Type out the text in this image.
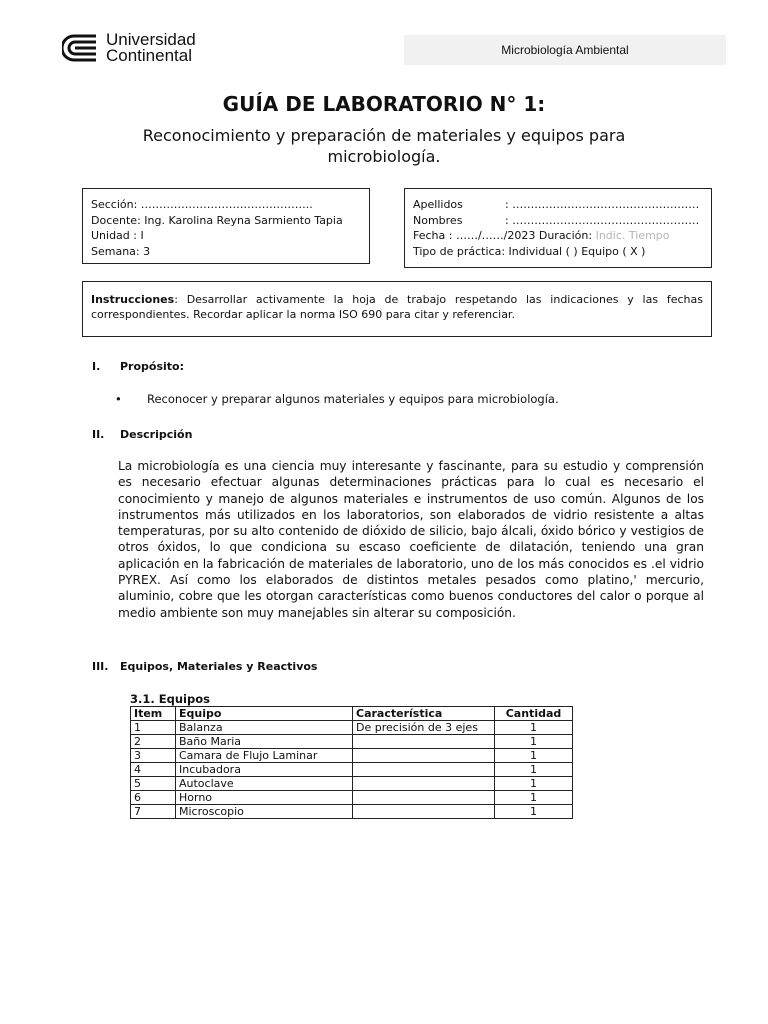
Universidad
Continental	Microbiología Ambiental
GUÍA DE LABORATORIO N° 1:
Reconocimiento y preparación de materiales y equipos para microbiología.
Sección: ………………………………………..
Docente: Ing. Karolina Reyna Sarmiento Tapia
Unidad : I
Semana: 3
Apellidos	: ……………………………………………
Nombres	: ……………………………………………
Fecha : ……/……/2023 Duración: Indic. Tiempo
Tipo de práctica: Individual ( ) Equipo ( X )
Instrucciones: Desarrollar activamente la hoja de trabajo respetando las indicaciones y las fechas correspondientes. Recordar aplicar la norma ISO 690 para citar y referenciar.
I. Propósito:
• Reconocer y preparar algunos materiales y equipos para microbiología.
II. Descripción
La microbiología es una ciencia muy interesante y fascinante, para su estudio y comprensión es necesario efectuar algunas determinaciones prácticas para lo cual es necesario el conocimiento y manejo de algunos materiales e instrumentos de uso común. Algunos de los instrumentos más utilizados en los laboratorios, son elaborados de vidrio resistente a altas temperaturas, por su alto contenido de dióxido de silicio, bajo álcali, óxido bórico y vestigios de otros óxidos, lo que condiciona su escaso coeficiente de dilatación, teniendo una gran aplicación en la fabricación de materiales de laboratorio, uno de los más conocidos es .el vidrio PYREX. Así como los elaborados de distintos metales pesados como platino,' mercurio, aluminio, cobre que les otorgan características como buenos conductores del calor o porque al medio ambiente son muy manejables sin alterar su composición.
III. Equipos, Materiales y Reactivos
3.1. Equipos
Item	Equipo	Característica	Cantidad
1	Balanza	De precisión de 3 ejes	1
2	Baño Maria		1
3	Camara de Flujo Laminar		1
4	Incubadora		1
5	Autoclave		1
6	Horno		1
7	Microscopio		1
